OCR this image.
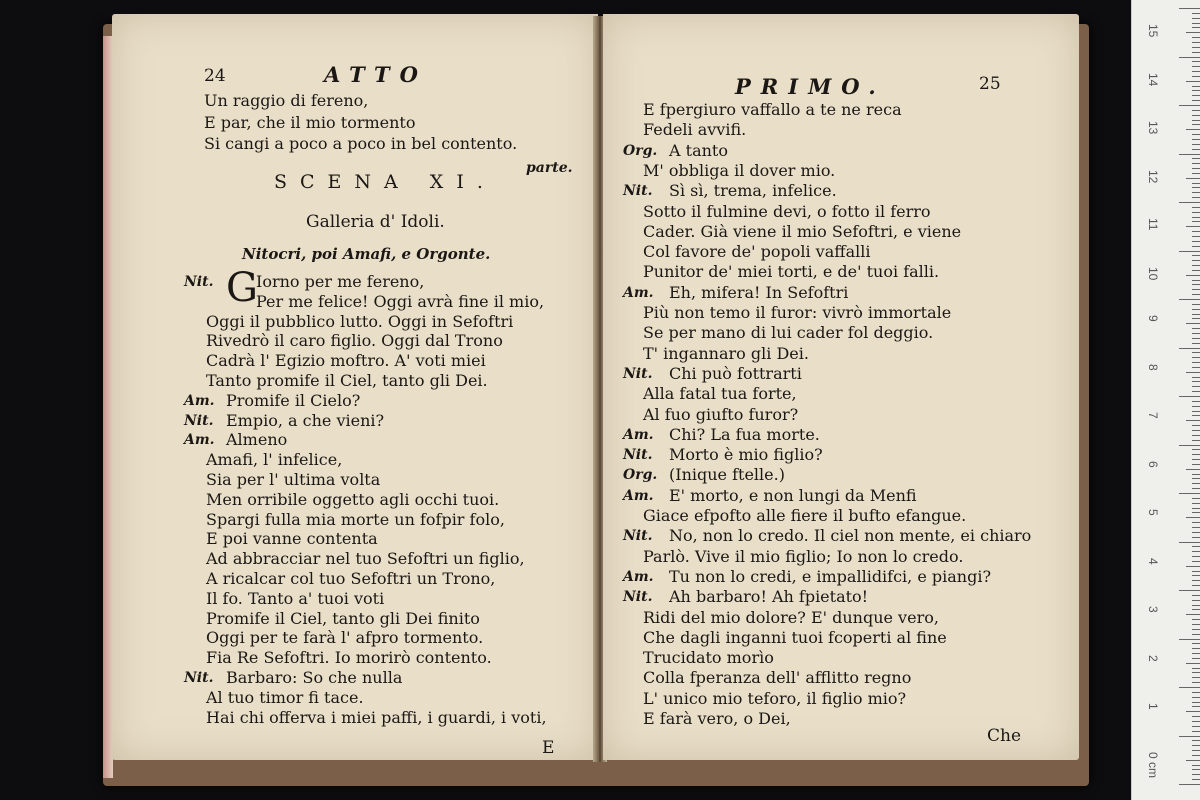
24	ATTO
Un raggio di fereno,
E par, che il mio tormento
Si cangi a poco a poco in bel contento.
parte.
SCENA XI.
Galleria d' Idoli.
Nitocri, poi Amafi, e Orgonte.
Nit. G
Iorno per me fereno,
Per me felice! Oggi avrà fine il mio,
Oggi il pubblico lutto. Oggi in Sefoftri
Rivedrò il caro figlio. Oggi dal Trono
Cadrà l' Egizio moftro. A' voti miei
Tanto promife il Ciel, tanto gli Dei.
Am. Promife il Cielo?
Nit. Empio, a che vieni?
Am. Almeno
Amafi, l' infelice,
Sia per l' ultima volta
Men orribile oggetto agli occhi tuoi.
Spargi fulla mia morte un fofpir folo,
E poi vanne contenta
Ad abbracciar nel tuo Sefoftri un figlio,
A ricalcar col tuo Sefoftri un Trono,
Il fo. Tanto a' tuoi voti
Promife il Ciel, tanto gli Dei finito
Oggi per te farà l' afpro tormento.
Fia Re Sefoftri. Io morirò contento.
Nit. Barbaro: So che nulla
Al tuo timor fi tace.
Hai chi offerva i miei paffi, i guardi, i voti,
E
PRIMO.	25
E fpergiuro vaffallo a te ne reca
Fedeli avvifi.
Org. A tanto
M' obbliga il dover mio.
Nit. Sì sì, trema, infelice.
Sotto il fulmine devi, o fotto il ferro
Cader. Già viene il mio Sefoftri, e viene
Col favore de' popoli vaffalli
Punitor de' miei torti, e de' tuoi falli.
Am. Eh, mifera! In Sefoftri
Più non temo il furor: vivrò immortale
Se per mano di lui cader fol deggio.
T' ingannaro gli Dei.
Nit. Chi può fottrarti
Alla fatal tua forte,
Al fuo giufto furor?
Am. Chi? La fua morte.
Nit. Morto è mio figlio?
Org. (Inique ftelle.)
Am. E' morto, e non lungi da Menfi
Giace efpofto alle fiere il bufto efangue.
Nit. No, non lo credo. Il ciel non mente, ei chiaro
Parlò. Vive il mio figlio; Io non lo credo.
Am. Tu non lo credi, e impallidifci, e piangi?
Nit. Ah barbaro! Ah fpietato!
Ridi del mio dolore? E' dunque vero,
Che dagli inganni tuoi fcoperti al fine
Trucidato morìo
Colla fperanza dell' afflitto regno
L' unico mio teforo, il figlio mio?
E farà vero, o Dei,
Che
15
14
13
12
11
10
9
8
7
6
5
4
3
2
1
0 cm
